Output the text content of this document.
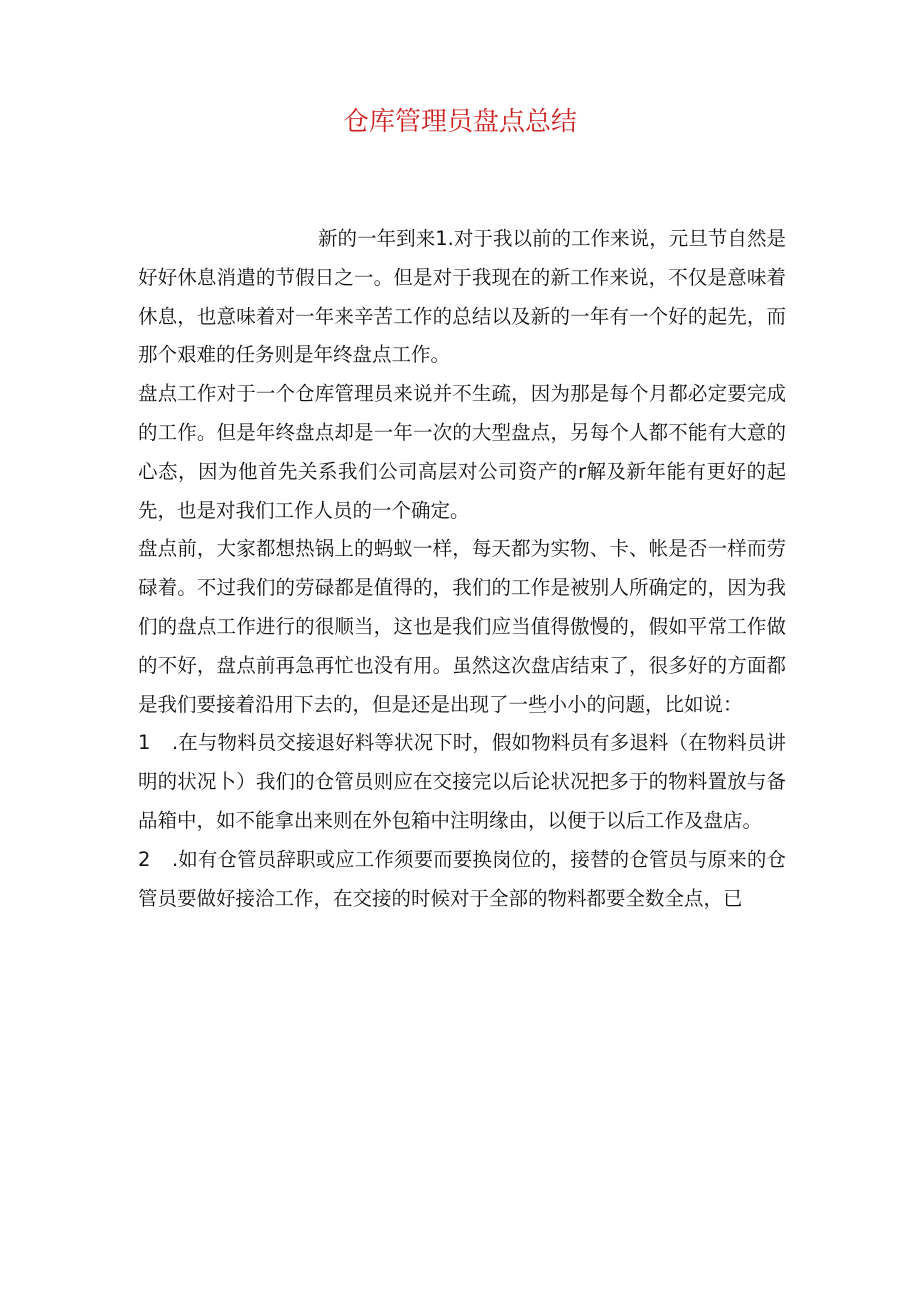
仓库管理员盘点总结

新的一年到来1.对于我以前的工作来说，元旦节自然是好好休息消遣的节假日之一。但是对于我现在的新工作来说，不仅是意味着休息，也意味着对一年来辛苦工作的总结以及新的一年有一个好的起先，而那个艰难的任务则是年终盘点工作。

盘点工作对于一个仓库管理员来说并不生疏，因为那是每个月都必定要完成的工作。但是年终盘点却是一年一次的大型盘点，另每个人都不能有大意的心态，因为他首先关系我们公司高层对公司资产的r解及新年能有更好的起先，也是对我们工作人员的一个确定。

盘点前，大家都想热锅上的蚂蚁一样，每天都为实物、卡、帐是否一样而劳碌着。不过我们的劳碌都是值得的，我们的工作是被别人所确定的，因为我们的盘点工作进行的很顺当，这也是我们应当值得傲慢的，假如平常工作做的不好，盘点前再急再忙也没有用。虽然这次盘店结束了，很多好的方面都是我们要接着沿用下去的，但是还是出现了一些小小的问题，比如说：

1 .在与物料员交接退好料等状况下时，假如物料员有多退料（在物料员讲明的状况卜）我们的仓管员则应在交接完以后论状况把多于的物料置放与备品箱中，如不能拿出来则在外包箱中注明缘由，以便于以后工作及盘店。

2 .如有仓管员辞职或应工作须要而要换岗位的，接替的仓管员与原来的仓管员要做好接洽工作，在交接的时候对于全部的物料都要全数全点，已
